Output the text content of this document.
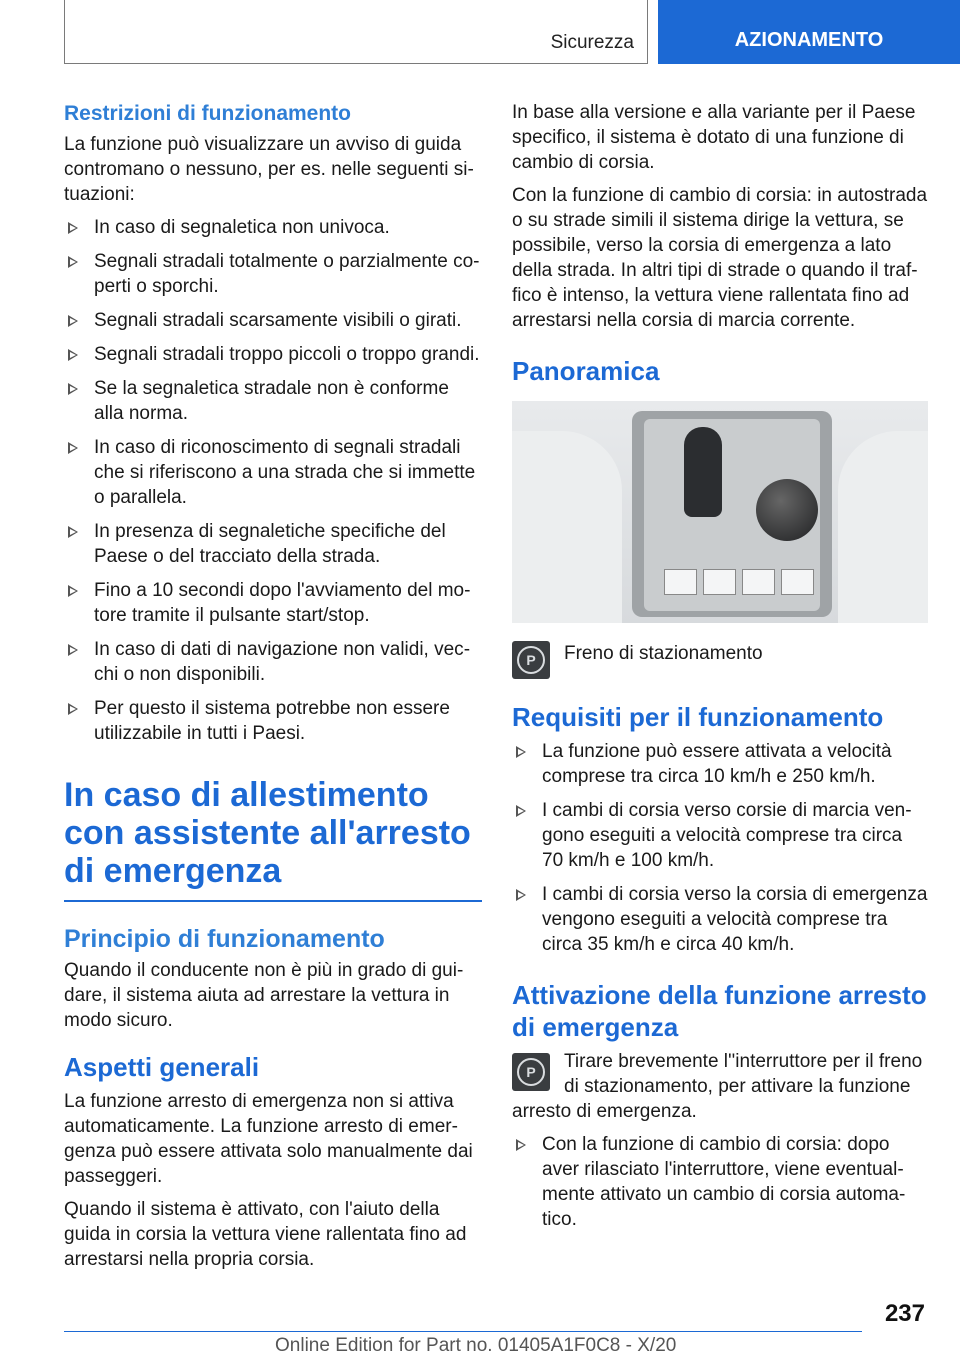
Sicurezza	AZIONAMENTO
Restrizioni di funzionamento

La funzione può visualizzare un avviso di guida contromano o nessuno, per es. nelle seguenti situazioni:

In caso di segnaletica non univoca.
Segnali stradali totalmente o parzialmente coperti o sporchi.
Segnali stradali scarsamente visibili o girati.
Segnali stradali troppo piccoli o troppo grandi.
Se la segnaletica stradale non è conforme alla norma.
In caso di riconoscimento di segnali stradali che si riferiscono a una strada che si immette o parallela.
In presenza di segnaletiche specifiche del Paese o del tracciato della strada.
Fino a 10 secondi dopo l'avviamento del motore tramite il pulsante start/stop.
In caso di dati di navigazione non validi, vecchi o non disponibili.
Per questo il sistema potrebbe non essere utilizzabile in tutti i Paesi.
In caso di allestimento con assistente all'arresto di emergenza
Principio di funzionamento

Quando il conducente non è più in grado di guidare, il sistema aiuta ad arrestare la vettura in modo sicuro.

Aspetti generali

La funzione arresto di emergenza non si attiva automaticamente. La funzione arresto di emergenza può essere attivata solo manualmente dai passeggeri.

Quando il sistema è attivato, con l'aiuto della guida in corsia la vettura viene rallentata fino ad arrestarsi nella propria corsia.

In base alla versione e alla variante per il Paese specifico, il sistema è dotato di una funzione di cambio di corsia.

Con la funzione di cambio di corsia: in autostrada o su strade simili il sistema dirige la vettura, se possibile, verso la corsia di emergenza a lato della strada. In altri tipi di strade o quando il traffico è intenso, la vettura viene rallentata fino ad arrestarsi nella corsia di marcia corrente.

Panoramica
P	Freno di stazionamento
Requisiti per il funzionamento
La funzione può essere attivata a velocità comprese tra circa 10 km/h e 250 km/h.
I cambi di corsia verso corsie di marcia vengono eseguiti a velocità comprese tra circa 70 km/h e 100 km/h.
I cambi di corsia verso la corsia di emergenza vengono eseguiti a velocità comprese tra circa 35 km/h e circa 40 km/h.
Attivazione della funzione arresto di emergenza
P	Tirare brevemente l''interruttore per il freno di stazionamento, per attivare la funzione arresto di emergenza.

Con la funzione di cambio di corsia: dopo aver rilasciato l'interruttore, viene eventualmente attivato un cambio di corsia automatico.
237
Online Edition for Part no. 01405A1F0C8 - X/20
